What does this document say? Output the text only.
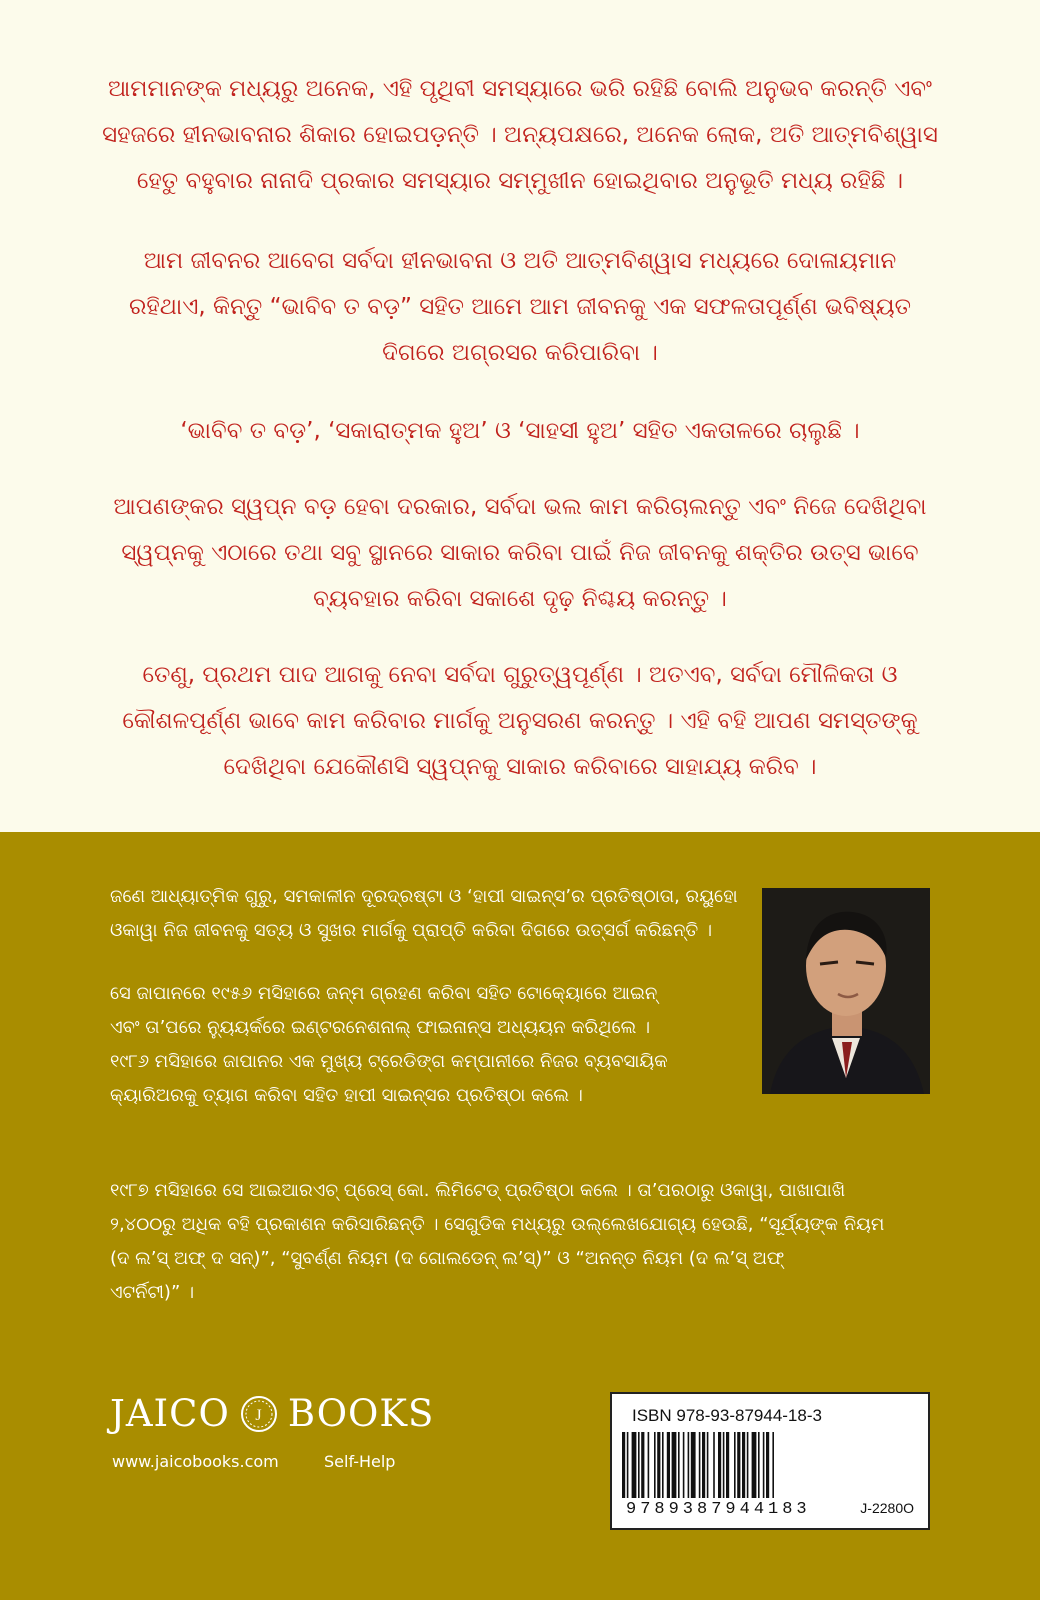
ଆମମାନଙ୍କ ମଧ୍ୟରୁ ଅନେକ, ଏହି ପୃଥିବୀ ସମସ୍ୟାରେ ଭରି ରହିଛି ବୋଲି ଅନୁଭବ କରନ୍ତି ଏବଂ
ସହଜରେ ହୀନଭାବନାର ଶିକାର ହୋଇପଡ଼ନ୍ତି । ଅନ୍ୟପକ୍ଷରେ, ଅନେକ ଲୋକ, ଅତି ଆତ୍ମବିଶ୍ୱାସ
ହେତୁ ବହୁବାର ନାନାଦି ପ୍ରକାର ସମସ୍ୟାର ସମ୍ମୁଖୀନ ହୋଇଥିବାର ଅନୁଭୂତି ମଧ୍ୟ ରହିଛି ।
ଆମ ଜୀବନର ଆବେଗ ସର୍ବଦା ହୀନଭାବନା ଓ ଅତି ଆତ୍ମବିଶ୍ୱାସ ମଧ୍ୟରେ ଦୋଳାୟମାନ
ରହିଥାଏ, କିନ୍ତୁ “ଭାବିବ ତ ବଡ଼” ସହିତ ଆମେ ଆମ ଜୀବନକୁ ଏକ ସଫଳତାପୂର୍ଣ୍ଣ ଭବିଷ୍ୟତ
ଦିଗରେ ଅଗ୍ରସର କରିପାରିବା ।
‘ଭାବିବ ତ ବଡ଼’, ‘ସକାରାତ୍ମକ ହୁଅ’ ଓ ‘ସାହସୀ ହୁଅ’ ସହିତ ଏକତାଳରେ ଚାଲୁଛି ।
ଆପଣଙ୍କର ସ୍ୱପ୍ନ ବଡ଼ ହେବା ଦରକାର, ସର୍ବଦା ଭଲ କାମ କରିଚାଲନ୍ତୁ ଏବଂ ନିଜେ ଦେଖିଥିବା
ସ୍ୱପ୍ନକୁ ଏଠାରେ ତଥା ସବୁ ସ୍ଥାନରେ ସାକାର କରିବା ପାଇଁ ନିଜ ଜୀବନକୁ ଶକ୍ତିର ଉତ୍ସ ଭାବେ
ବ୍ୟବହାର କରିବା ସକାଶେ ଦୃଢ଼ ନିଶ୍ଚୟ କରନ୍ତୁ ।
ତେଣୁ, ପ୍ରଥମ ପାଦ ଆଗକୁ ନେବା ସର୍ବଦା ଗୁରୁତ୍ୱପୂର୍ଣ୍ଣ । ଅତଏବ, ସର୍ବଦା ମୌଳିକତା ଓ
କୌଶଳପୂର୍ଣ୍ଣ ଭାବେ କାମ କରିବାର ମାର୍ଗକୁ ଅନୁସରଣ କରନ୍ତୁ । ଏହି ବହି ଆପଣ ସମସ୍ତଙ୍କୁ
ଦେଖିଥିବା ଯେକୌଣସି ସ୍ୱପ୍ନକୁ ସାକାର କରିବାରେ ସାହାଯ୍ୟ କରିବ ।
ଜଣେ ଆଧ୍ୟାତ୍ମିକ ଗୁରୁ, ସମକାଳୀନ ଦୂରଦ୍ରଷ୍ଟା ଓ ‘ହାପୀ ସାଇନ୍ସ’ର ପ୍ରତିଷ୍ଠାତା, ରୟୁହୋ
ଓକାୱା ନିଜ ଜୀବନକୁ ସତ୍ୟ ଓ ସୁଖର ମାର୍ଗକୁ ପ୍ରାପ୍ତି କରିବା ଦିଗରେ ଉତ୍ସର୍ଗ କରିଛନ୍ତି ।
ସେ ଜାପାନରେ ୧୯୫୬ ମସିହାରେ ଜନ୍ମ ଗ୍ରହଣ କରିବା ସହିତ ଟୋକ୍ୟୋରେ ଆଇନ୍
ଏବଂ ତା’ପରେ ନ୍ୟୁୟର୍କରେ ଇଣ୍ଟରନେଶନାଲ୍ ଫାଇନାନ୍ସ ଅଧ୍ୟୟନ କରିଥିଲେ ।
୧୯୮୬ ମସିହାରେ ଜାପାନର ଏକ ମୁଖ୍ୟ ଟ୍ରେଡିଙ୍ଗ କମ୍ପାନୀରେ ନିଜର ବ୍ୟବସାୟିକ
କ୍ୟାରିଅରକୁ ତ୍ୟାଗ କରିବା ସହିତ ହାପୀ ସାଇନ୍ସର ପ୍ରତିଷ୍ଠା କଲେ ।
୧୯୮୭ ମସିହାରେ ସେ ଆଇଆରଏଚ୍ ପ୍ରେସ୍ କୋ. ଲିମିଟେଡ୍ ପ୍ରତିଷ୍ଠା କଲେ । ତା’ପରଠାରୁ ଓକାୱା, ପାଖାପାଖି
୨,୪୦୦ରୁ ଅଧିକ ବହି ପ୍ରକାଶନ କରିସାରିଛନ୍ତି । ସେଗୁଡିକ ମଧ୍ୟରୁ ଉଲ୍ଲେଖଯୋଗ୍ୟ ହେଉଛି, “ସୂର୍ଯ୍ୟଙ୍କ ନିୟମ
(ଦ ଲ’ସ୍ ଅଫ୍ ଦ ସନ୍)”, “ସୁବର୍ଣ୍ଣ ନିୟମ (ଦ ଗୋଲଡେନ୍ ଲ’ସ୍)” ଓ “ଅନନ୍ତ ନିୟମ (ଦ ଲ’ସ୍ ଅଫ୍
ଏଟର୍ନିଟୀ)” ।
JAICO J BOOKS
www.jaicobooks.com	Self-Help
ISBN 978-93-87944-18-3
9789387944183	J-2280O
